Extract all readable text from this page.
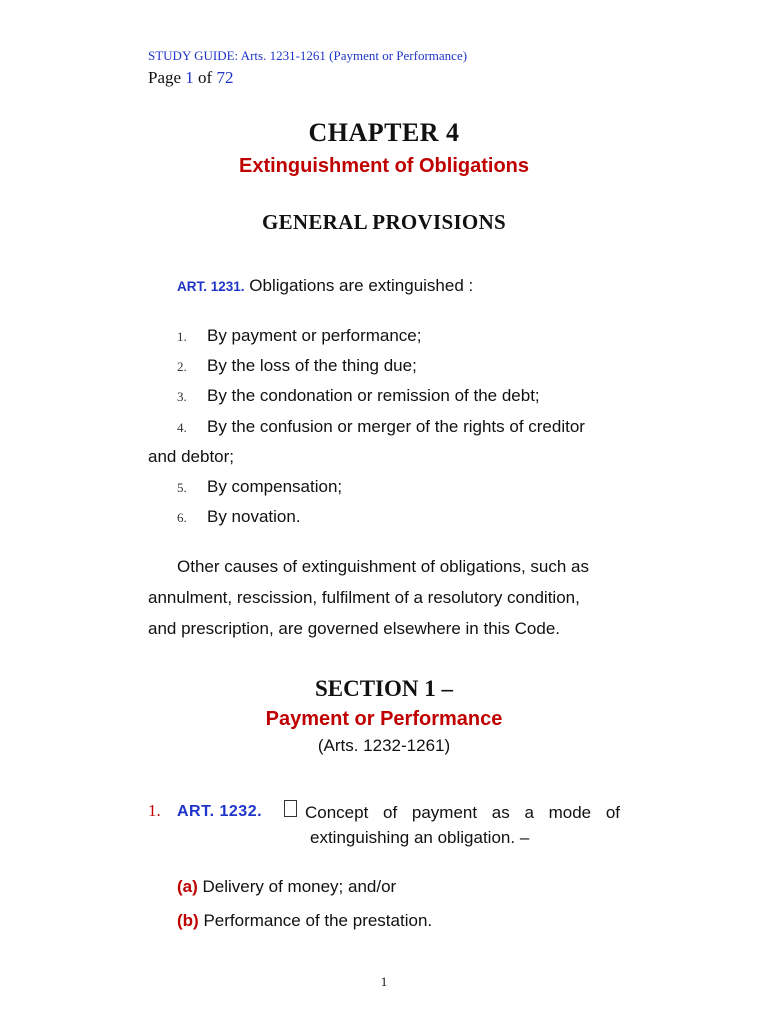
STUDY GUIDE: Arts. 1231-1261 (Payment or Performance)
Page 1 of 72
CHAPTER 4
Extinguishment of Obligations
GENERAL PROVISIONS
ART. 1231. Obligations are extinguished :
1. By payment or performance;
2. By the loss of the thing due;
3. By the condonation or remission of the debt;
4. By the confusion or merger of the rights of creditor
and debtor;
5. By compensation;
6. By novation.
Other causes of extinguishment of obligations, such as
annulment, rescission, fulfilment of a resolutory condition,
and prescription, are governed elsewhere in this Code.
SECTION 1 –
Payment or Performance
(Arts. 1232-1261)
1. ART. 1232.	Concept of payment as a mode of
extinguishing an obligation. –
(a) Delivery of money; and/or
(b) Performance of the prestation.
1
